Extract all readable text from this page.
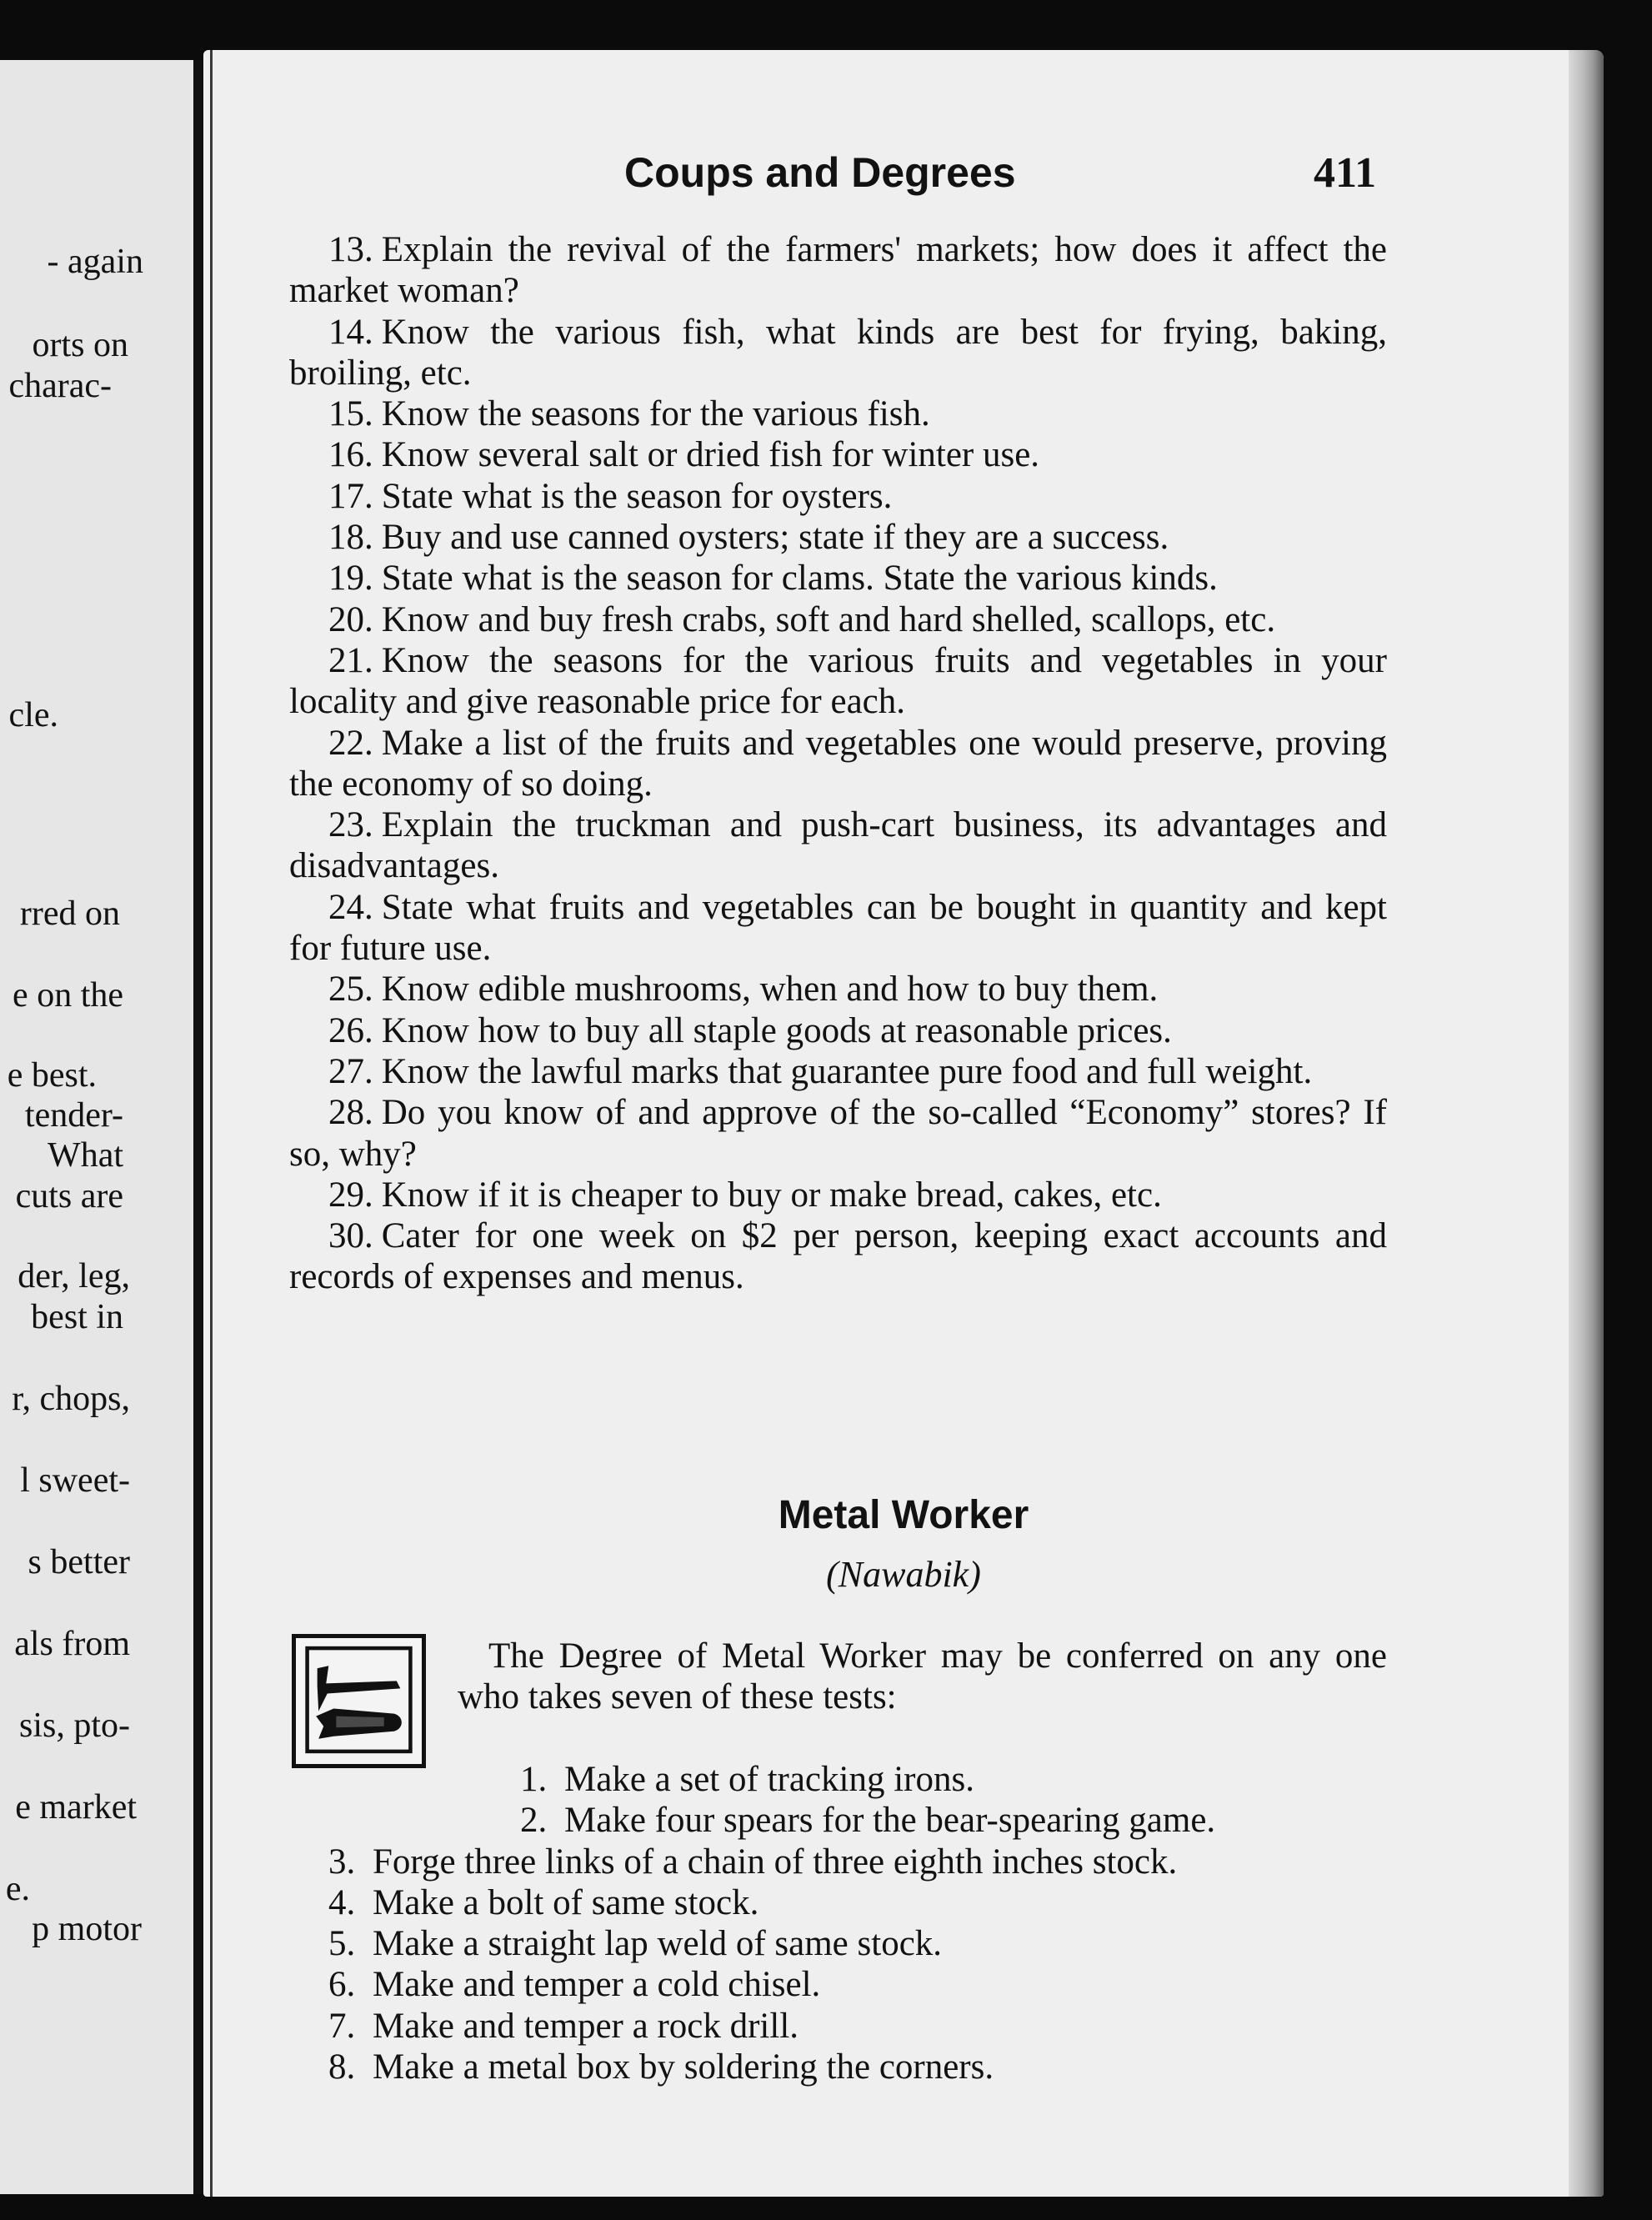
- again
orts on
charac-
cle.
rred on
e on the
e best.
tender-
What
cuts are
der, leg,
best in
r, chops,
l sweet-
s better
als from
sis, pto-
e market
e.
p motor
Coups and Degrees	411

13. Explain the revival of the farmers' markets; how does it affect the market woman?

14. Know the various fish, what kinds are best for frying, baking, broiling, etc.

15. Know the seasons for the various fish.

16. Know several salt or dried fish for winter use.

17. State what is the season for oysters.

18. Buy and use canned oysters; state if they are a success.

19. State what is the season for clams. State the various kinds.

20. Know and buy fresh crabs, soft and hard shelled, scallops, etc.

21. Know the seasons for the various fruits and vegetables in your locality and give reasonable price for each.

22. Make a list of the fruits and vegetables one would preserve, proving the economy of so doing.

23. Explain the truckman and push-cart business, its advantages and disadvantages.

24. State what fruits and vegetables can be bought in quantity and kept for future use.

25. Know edible mushrooms, when and how to buy them.

26. Know how to buy all staple goods at reasonable prices.

27. Know the lawful marks that guarantee pure food and full weight.

28. Do you know of and approve of the so-called “Economy” stores? If so, why?

29. Know if it is cheaper to buy or make bread, cakes, etc.

30. Cater for one week on $2 per person, keeping exact accounts and records of expenses and menus.

Metal Worker
(Nawabik)
The Degree of Metal Worker may be conferred on any one who takes seven of these tests:
1. Make a set of tracking irons.
2. Make four spears for the bear-spearing game.
3. Forge three links of a chain of three eighth inches stock.
4. Make a bolt of same stock.
5. Make a straight lap weld of same stock.
6. Make and temper a cold chisel.
7. Make and temper a rock drill.
8. Make a metal box by soldering the corners.
